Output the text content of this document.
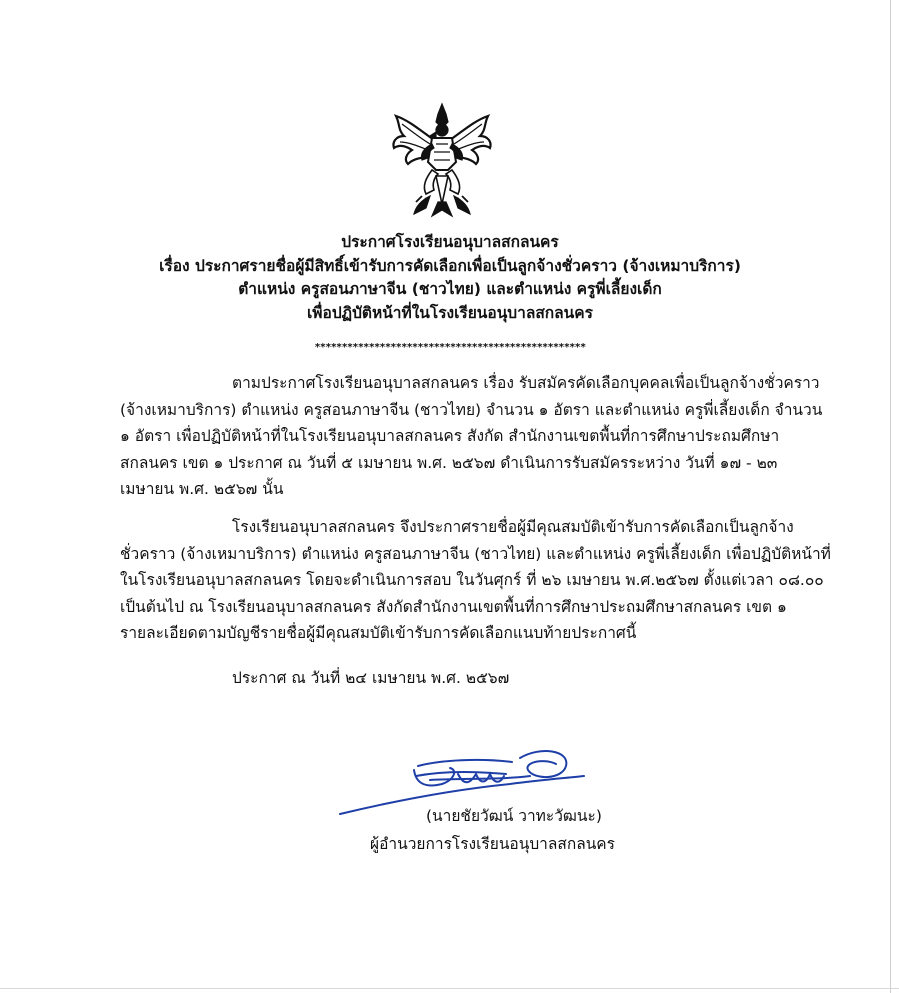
ประกาศโรงเรียนอนุบาลสกลนคร
เรื่อง ประกาศรายชื่อผู้มีสิทธิ์เข้ารับการคัดเลือกเพื่อเป็นลูกจ้างชั่วคราว (จ้างเหมาบริการ)
ตำแหน่ง ครูสอนภาษาจีน (ชาวไทย) และตำแหน่ง ครูพี่เลี้ยงเด็ก
เพื่อปฏิบัติหน้าที่ในโรงเรียนอนุบาลสกลนคร
**************************************************
ตามประกาศโรงเรียนอนุบาลสกลนคร เรื่อง รับสมัครคัดเลือกบุคคลเพื่อเป็นลูกจ้างชั่วคราว
(จ้างเหมาบริการ) ตำแหน่ง ครูสอนภาษาจีน (ชาวไทย) จำนวน ๑ อัตรา และตำแหน่ง ครูพี่เลี้ยงเด็ก จำนวน
๑ อัตรา เพื่อปฏิบัติหน้าที่ในโรงเรียนอนุบาลสกลนคร สังกัด สำนักงานเขตพื้นที่การศึกษาประถมศึกษา
สกลนคร เขต ๑ ประกาศ ณ วันที่ ๕ เมษายน พ.ศ. ๒๕๖๗ ดำเนินการรับสมัครระหว่าง วันที่ ๑๗ - ๒๓
เมษายน พ.ศ. ๒๕๖๗ นั้น
โรงเรียนอนุบาลสกลนคร จึงประกาศรายชื่อผู้มีคุณสมบัติเข้ารับการคัดเลือกเป็นลูกจ้าง
ชั่วคราว (จ้างเหมาบริการ) ตำแหน่ง ครูสอนภาษาจีน (ชาวไทย) และตำแหน่ง ครูพี่เลี้ยงเด็ก เพื่อปฏิบัติหน้าที่
ในโรงเรียนอนุบาลสกลนคร โดยจะดำเนินการสอบ ในวันศุกร์ ที่ ๒๖ เมษายน พ.ศ.๒๕๖๗ ตั้งแต่เวลา ๐๘.๐๐
เป็นต้นไป ณ โรงเรียนอนุบาลสกลนคร สังกัดสำนักงานเขตพื้นที่การศึกษาประถมศึกษาสกลนคร เขต ๑
รายละเอียดตามบัญชีรายชื่อผู้มีคุณสมบัติเข้ารับการคัดเลือกแนบท้ายประกาศนี้
ประกาศ ณ วันที่ ๒๔ เมษายน พ.ศ. ๒๕๖๗
(นายชัยวัฒน์ วาทะวัฒนะ)
ผู้อำนวยการโรงเรียนอนุบาลสกลนคร
